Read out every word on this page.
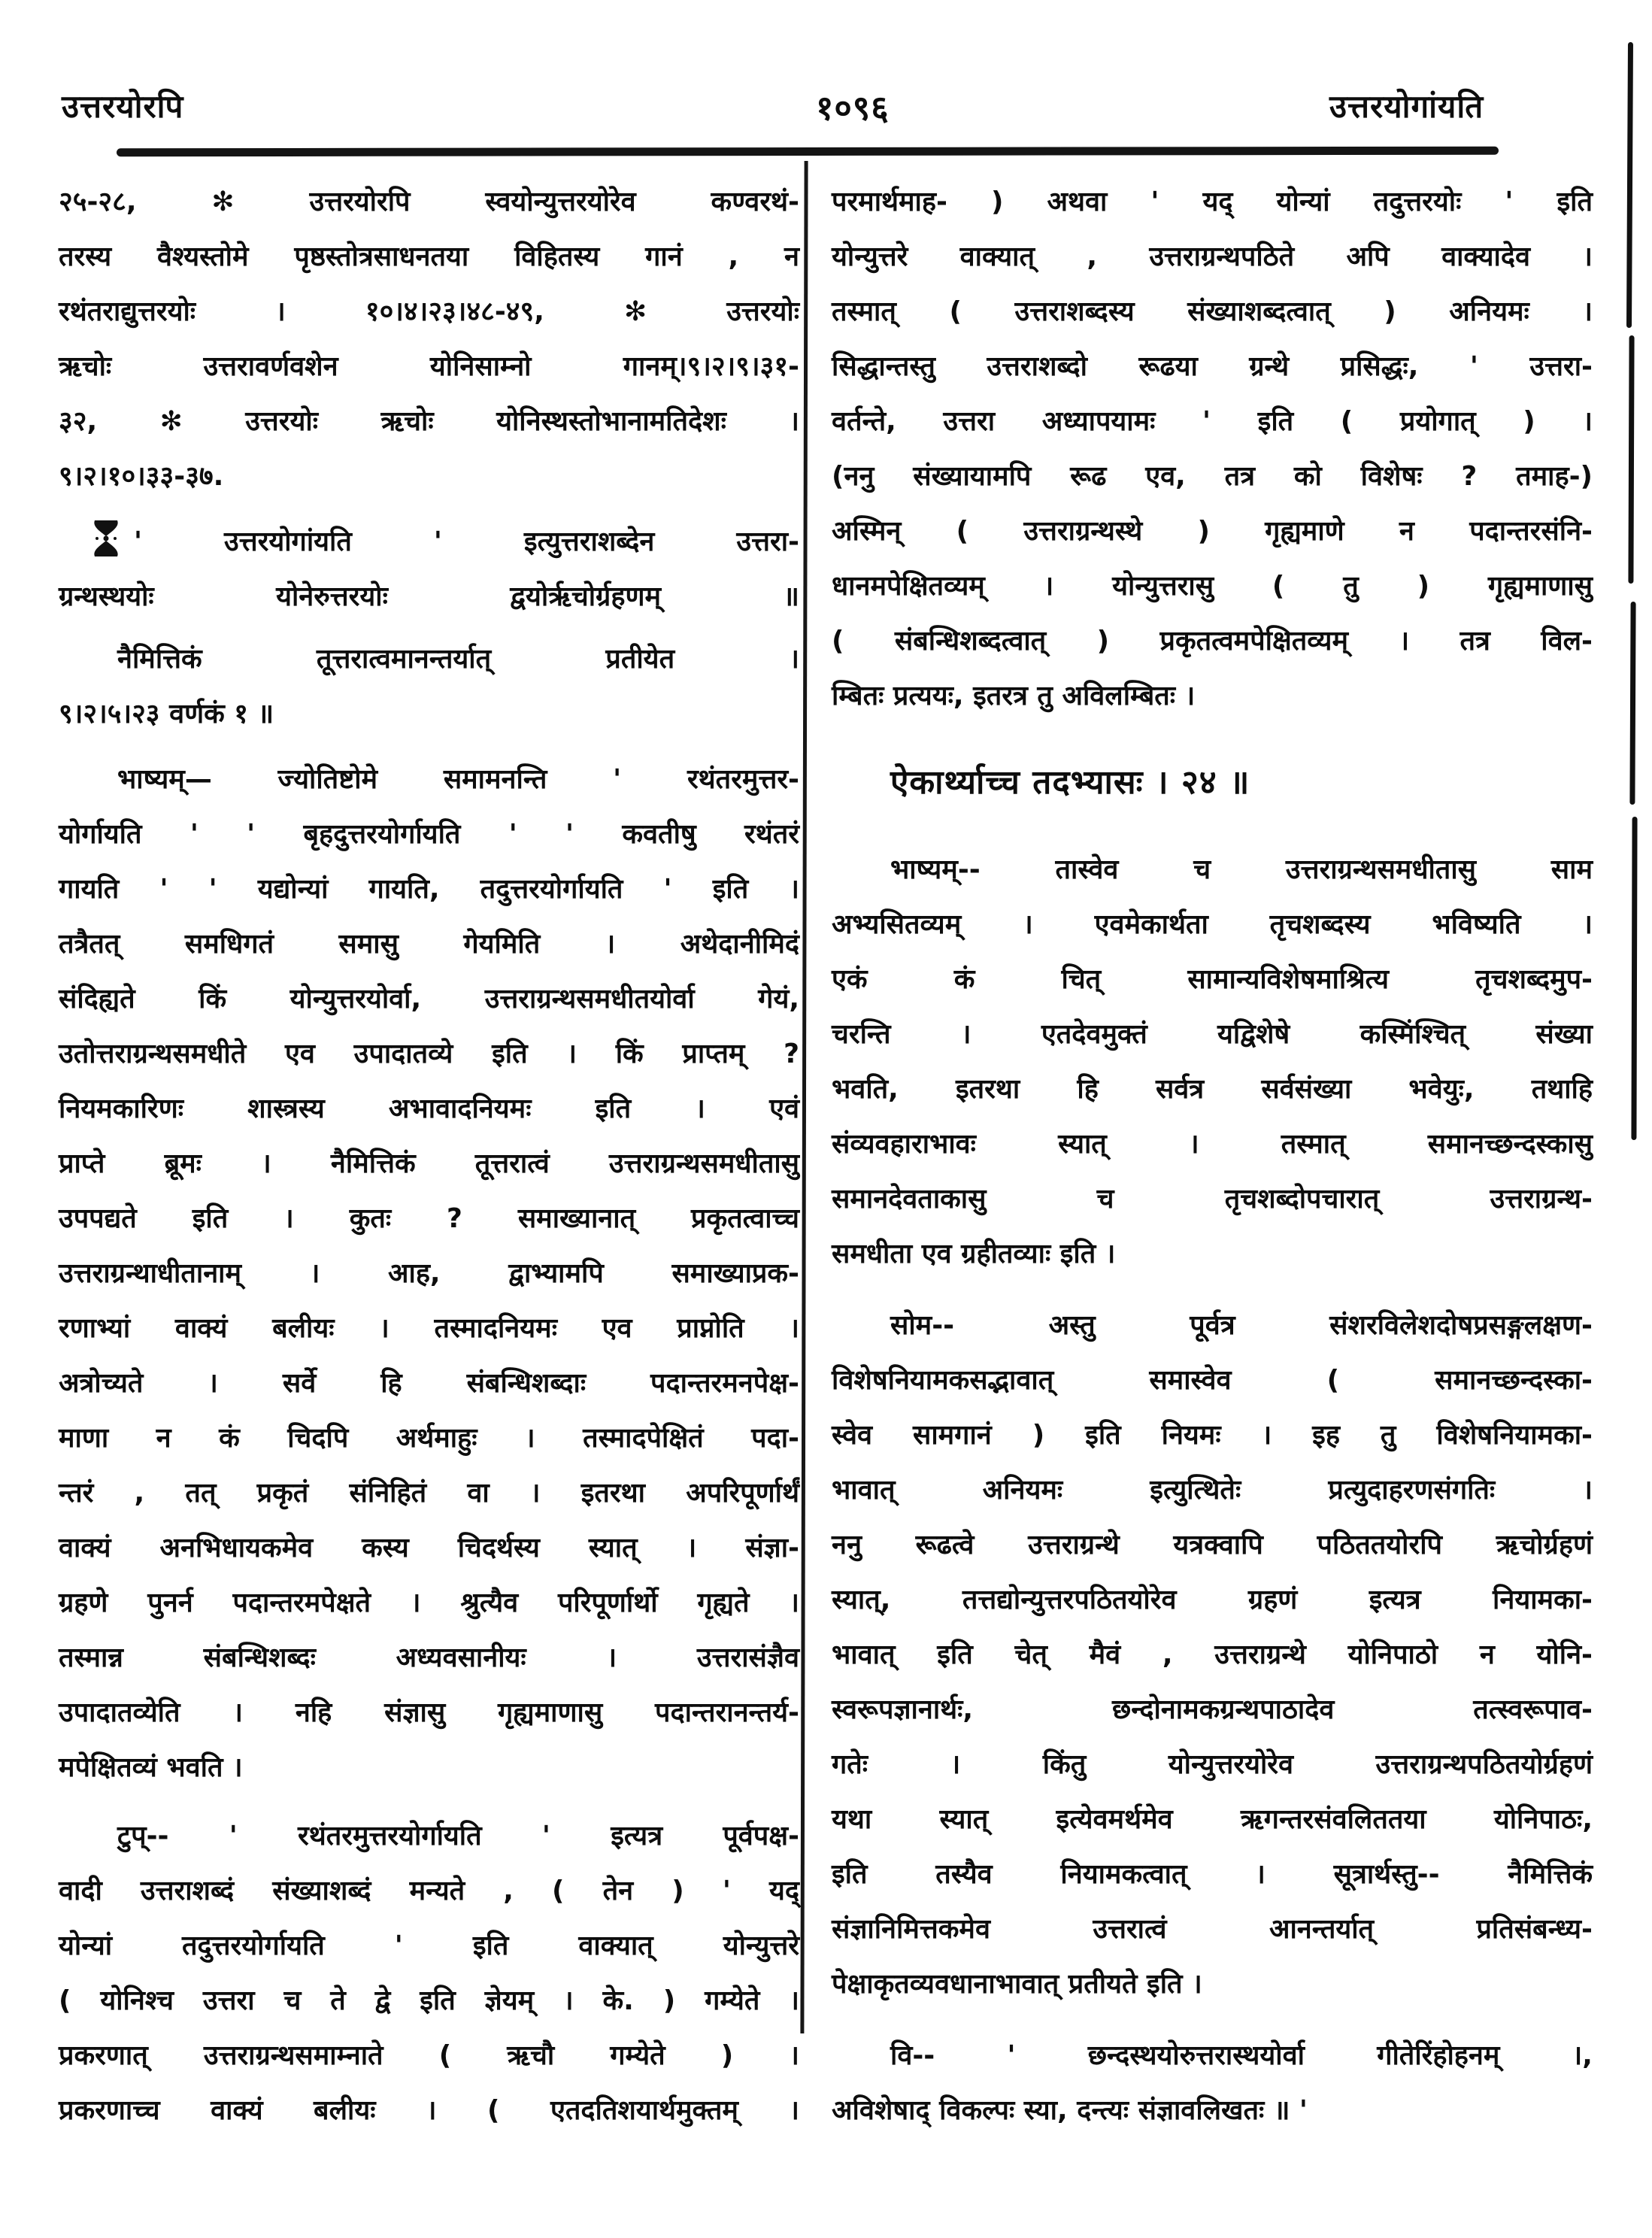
उत्तरयोरपि	१०९६	उत्तरयोगांयति
२५-२८, ✻ उत्तरयोरपि स्वयोन्युत्तरयोरेव कण्वरथं-
तरस्य वैश्यस्तोमे पृष्ठस्तोत्रसाधनतया विहितस्य गानं , न
रथंतराद्युत्तरयोः । १०।४।२३।४८-४९, ✻ उत्तरयोः
ऋचोः उत्तरावर्णवशेन योनिसाम्नो गानम्।९।२।९।३१-
३२, ✻ उत्तरयोः ऋचोः योनिस्थस्तोभानामतिदेशः ।
९।२।१०।३३-३७.
' उत्तरयोगांयति ' इत्युत्तराशब्देन उत्तरा-
ग्रन्थस्थयोः योनेरुत्तरयोः द्वयोर्ऋचोर्ग्रहणम् ॥
नैमित्तिकं तूत्तरात्वमानन्तर्यात् प्रतीयेत ।
९।२।५।२३ वर्णकं १ ॥
भाष्यम्— ज्योतिष्टोमे समामनन्ति ' रथंतरमुत्तर-
योर्गायति ' ' बृहदुत्तरयोर्गायति ' ' कवतीषु रथंतरं
गायति ' ' यद्योन्यां गायति, तदुत्तरयोर्गायति ' इति ।
तत्रैतत् समधिगतं समासु गेयमिति । अथेदानीमिदं
संदिह्यते किं योन्युत्तरयोर्वा, उत्तराग्रन्थसमधीतयोर्वा गेयं,
उतोत्तराग्रन्थसमधीते एव उपादातव्ये इति । किं प्राप्तम् ?
नियमकारिणः शास्त्रस्य अभावादनियमः इति । एवं
प्राप्ते ब्रूमः । नैमित्तिकं तूत्तरात्वं उत्तराग्रन्थसमधीतासु
उपपद्यते इति । कुतः ? समाख्यानात् प्रकृतत्वाच्च
उत्तराग्रन्थाधीतानाम् । आह, द्वाभ्यामपि समाख्याप्रक-
रणाभ्यां वाक्यं बलीयः । तस्मादनियमः एव प्राप्नोति ।
अत्रोच्यते । सर्वे हि संबन्धिशब्दाः पदान्तरमनपेक्ष-
माणा न कं चिदपि अर्थमाहुः । तस्मादपेक्षितं पदा-
न्तरं , तत् प्रकृतं संनिहितं वा । इतरथा अपरिपूर्णार्थं
वाक्यं अनभिधायकमेव कस्य चिदर्थस्य स्यात् । संज्ञा-
ग्रहणे पुनर्न पदान्तरमपेक्षते । श्रुत्यैव परिपूर्णार्थो गृह्यते ।
तस्मान्न संबन्धिशब्दः अध्यवसानीयः । उत्तरासंज्ञैव
उपादातव्येति । नहि संज्ञासु गृह्यमाणासु पदान्तरानन्तर्य-
मपेक्षितव्यं भवति ।
टुप्-- ' रथंतरमुत्तरयोर्गायति ' इत्यत्र पूर्वपक्ष-
वादी उत्तराशब्दं संख्याशब्दं मन्यते , ( तेन ) ' यद्
योन्यां तदुत्तरयोर्गायति ' इति वाक्यात् योन्युत्तरे
( योनिश्च उत्तरा च ते द्वे इति ज्ञेयम् । के. ) गम्येते ।
प्रकरणात् उत्तराग्रन्थसमाम्नाते ( ऋचौ गम्येते ) ।
प्रकरणाच्च वाक्यं बलीयः । ( एतदतिशयार्थमुक्तम् ।
परमार्थमाह- ) अथवा ' यद् योन्यां तदुत्तरयोः ' इति
योन्युत्तरे वाक्यात् , उत्तराग्रन्थपठिते अपि वाक्यादेव ।
तस्मात् ( उत्तराशब्दस्य संख्याशब्दत्वात् ) अनियमः ।
सिद्धान्तस्तु उत्तराशब्दो रूढया ग्रन्थे प्रसिद्धः, ' उत्तरा-
वर्तन्ते, उत्तरा अध्यापयामः ' इति ( प्रयोगात् ) ।
(ननु संख्यायामपि रूढ एव, तत्र को विशेषः ? तमाह-)
अस्मिन् ( उत्तराग्रन्थस्थे ) गृह्यमाणे न पदान्तरसंनि-
धानमपेक्षितव्यम् । योन्युत्तरासु ( तु ) गृह्यमाणासु
( संबन्धिशब्दत्वात् ) प्रकृतत्वमपेक्षितव्यम् । तत्र विल-
म्बितः प्रत्ययः, इतरत्र तु अविलम्बितः ।
ऐकार्थ्याच्च तदभ्यासः । २४ ॥
भाष्यम्-- तास्वेव च उत्तराग्रन्थसमधीतासु साम
अभ्यसितव्यम् । एवमेकार्थता तृचशब्दस्य भविष्यति ।
एकं कं चित् सामान्यविशेषमाश्रित्य तृचशब्दमुप-
चरन्ति । एतदेवमुक्तं यद्विशेषे कस्मिंश्चित् संख्या
भवति, इतरथा हि सर्वत्र सर्वसंख्या भवेयुः, तथाहि
संव्यवहाराभावः स्यात् । तस्मात् समानच्छन्दस्कासु
समानदेवताकासु च तृचशब्दोपचारात् उत्तराग्रन्थ-
समधीता एव ग्रहीतव्याः इति ।
सोम-- अस्तु पूर्वत्र संशरविलेशदोषप्रसङ्गलक्षण-
विशेषनियामकसद्भावात् समास्वेव ( समानच्छन्दस्का-
स्वेव सामगानं ) इति नियमः । इह तु विशेषनियामका-
भावात् अनियमः इत्युत्थितेः प्रत्युदाहरणसंगतिः ।
ननु रूढत्वे उत्तराग्रन्थे यत्रक्वापि पठिततयोरपि ऋचोर्ग्रहणं
स्यात्, तत्तद्योन्युत्तरपठितयोरेव ग्रहणं इत्यत्र नियामका-
भावात् इति चेत् मैवं , उत्तराग्रन्थे योनिपाठो न योनि-
स्वरूपज्ञानार्थः, छन्दोनामकग्रन्थपाठादेव तत्स्वरूपाव-
गतेः । किंतु योन्युत्तरयोरेव उत्तराग्रन्थपठितयोर्ग्रहणं
यथा स्यात् इत्येवमर्थमेव ऋगन्तरसंवलिततया योनिपाठः,
इति तस्यैव नियामकत्वात् । सूत्रार्थस्तु-- नैमित्तिकं
संज्ञानिमित्तकमेव उत्तरात्वं आनन्तर्यात् प्रतिसंबन्ध्य-
पेक्षाकृतव्यवधानाभावात् प्रतीयते इति ।
वि-- ' छन्दस्थयोरुत्तरास्थयोर्वा गीतेरिंहोहनम् ।,
अविशेषाद् विकल्पः स्या, दन्त्यः संज्ञावलिखतः ॥ '
